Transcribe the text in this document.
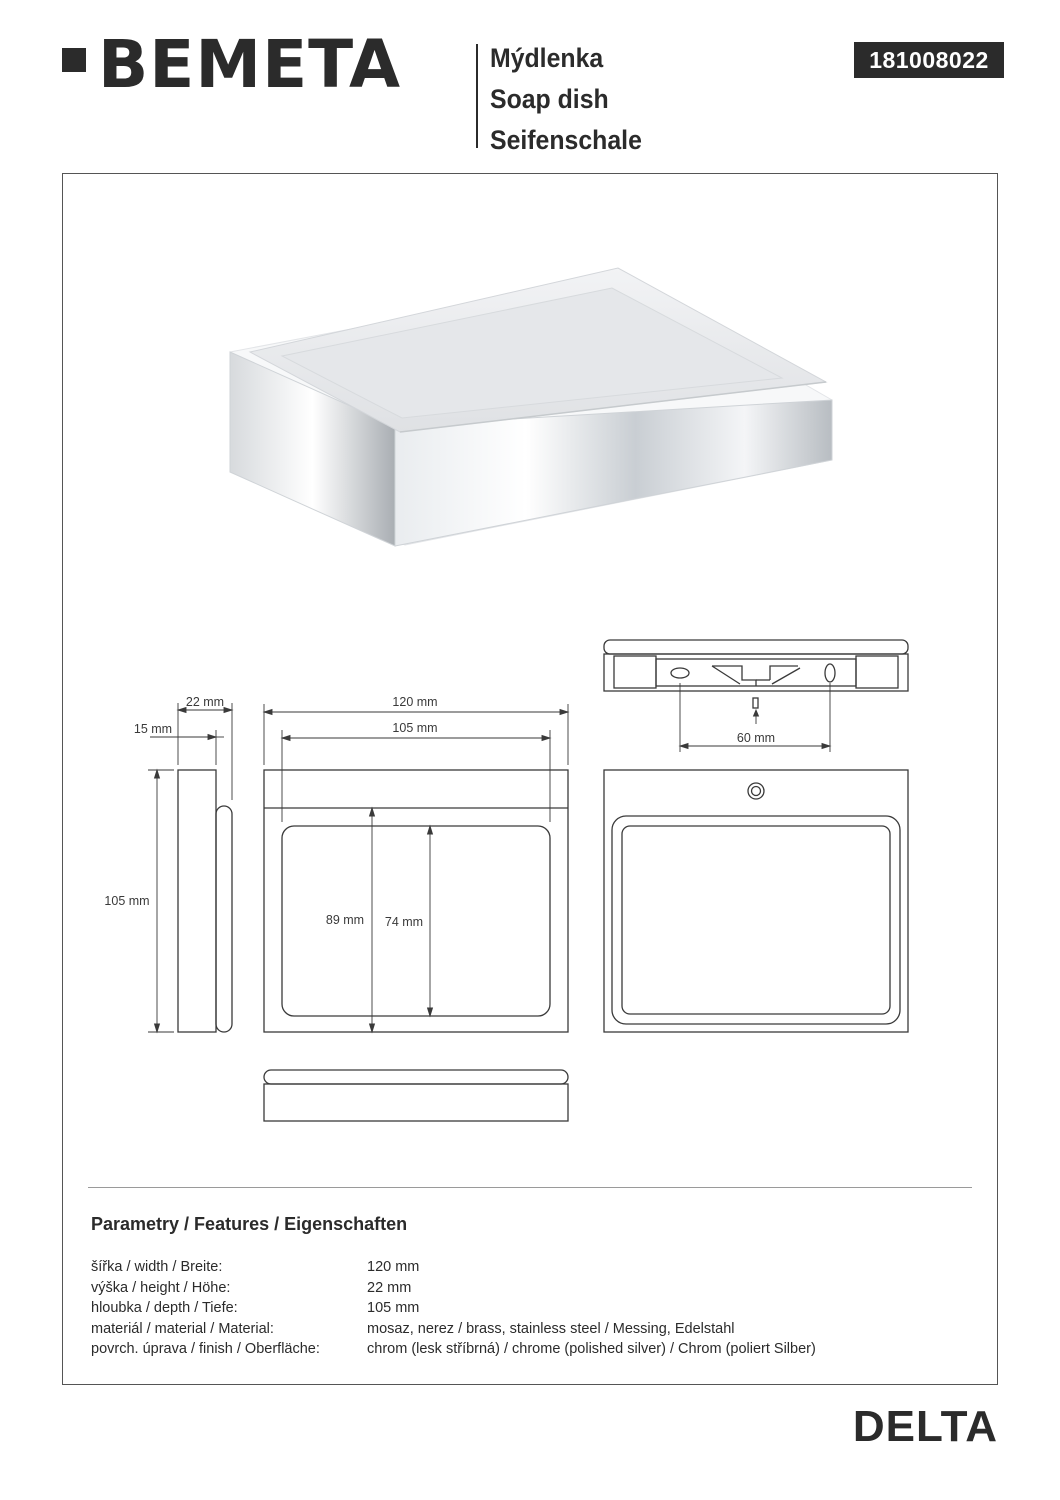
BEMETA	Mýdlenka
Soap dish
Seifenschale
181008022
120 mm
105 mm
22 mm
15 mm
105 mm
89 mm 74 mm
60 mm
Parametry / Features / Eigenschaften
šířka / width / Breite:	120 mm
výška / height / Höhe:	22 mm
hloubka / depth / Tiefe:	105 mm
materiál / material / Material:	mosaz, nerez / brass, stainless steel / Messing, Edelstahl
povrch. úprava / finish / Oberfläche:	chrom (lesk stříbrná) / chrome (polished silver) / Chrom (poliert Silber)
DELTA
